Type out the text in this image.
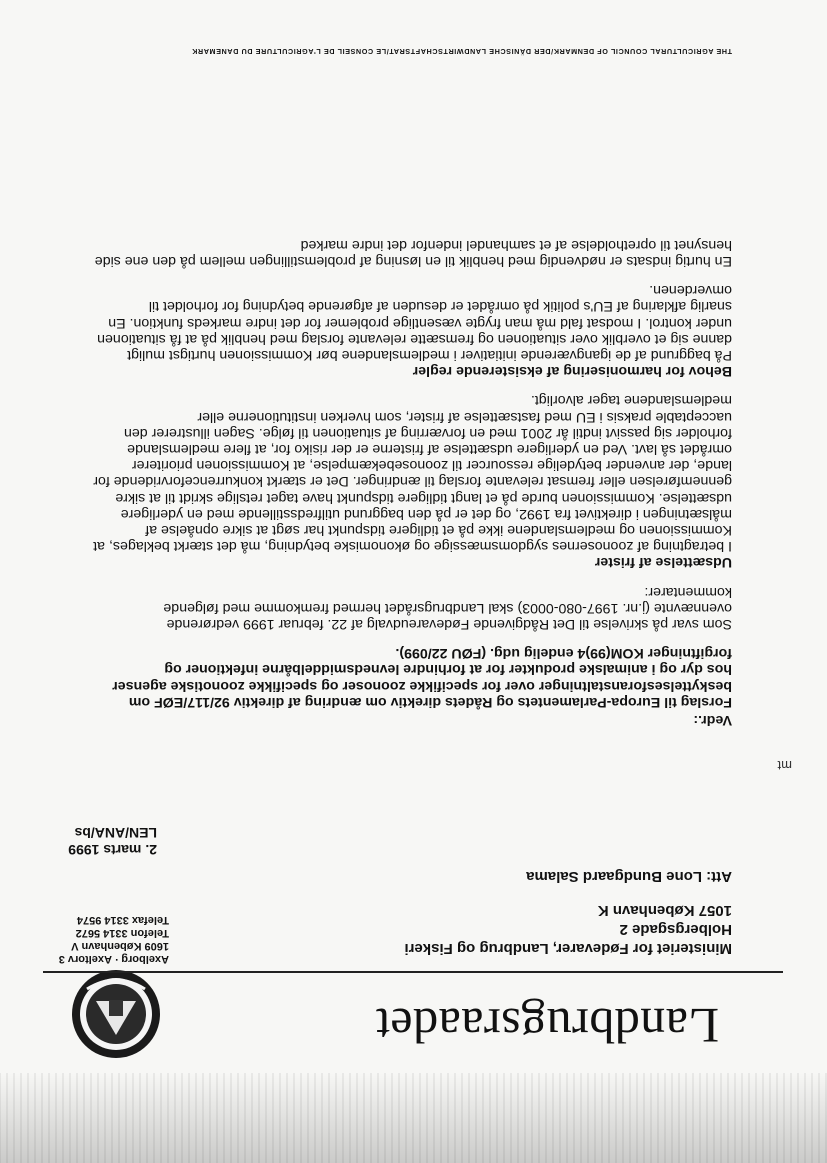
Landbrugsraadet
Axelborg · Axeltorv 3
1609 København V
Telefon 3314 5672
Telefax 3314 9574
Ministeriet for Fødevarer, Landbrug og Fiskeri
Holbergsgade 2
1057 København K
Att: Lone Bundgaard Salama
2. marts 1999
LEN/ANA/bs
mt

Vedr.:

Forslag til Europa-Parlamentets og Rådets direktiv om ændring af direktiv 92/117/EØF om beskyttelsesforanstaltninger over for specifikke zoonoser og specifikke zoonotiske agenser hos dyr og i animalske produkter for at forhindre levnedsmiddelbårne infektioner og forgiftninger KOM(99)4 endelig udg. (FØU 22/099).

Som svar på skrivelse til Det Rådgivende Fødevareudvalg af 22. februar 1999 vedrørende ovennævnte (j.nr. 1997-080-0003) skal Landbrugsrådet hermed fremkomme med følgende kommentarer:

Udsættelse af frister

I betragtning af zoonosernes sygdomsmæssige og økonomiske betydning, må det stærkt beklages, at Kommissionen og medlemslandene ikke på et tidligere tidspunkt har søgt at sikre opnåelse af målsætningen i direktivet fra 1992, og det er på den baggrund utilfredsstillende med en yderligere udsættelse. Kommissionen burde på et langt tidligere tidspunkt have taget retslige skridt til at sikre gennemførelsen eller fremsat relevante forslag til ændringer. Det er stærkt konkurrenceforvridende for lande, der anvender betydelige ressourcer til zoonosebekæmpelse, at Kommissionen prioriterer området så lavt. Ved en yderligere udsættelse af fristerne er der risiko for, at flere medlemslande forholder sig passivt indtil år 2001 med en forværring af situationen til følge. Sagen illustrerer den uacceptable praksis i EU med fastsættelse af frister, som hverken institutionerne eller medlemslandene tager alvorligt.

Behov for harmonisering af eksisterende regler

På baggrund af de igangværende initiativer i medlemslandene bør Kommissionen hurtigst muligt danne sig et overblik over situationen og fremsætte relevante forslag med henblik på at få situationen under kontrol. I modsat fald må man frygte væsentlige problemer for det indre markeds funktion. En snarlig afklaring af EU's politik på området er desuden af afgørende betydning for forholdet til omverdenen.

En hurtig indsats er nødvendig med henblik til en løsning af problemstillingen mellem på den ene side hensynet til opretholdelse af et samhandel indenfor det indre marked

THE AGRICULTURAL COUNCIL OF DENMARK/DER DÄNISCHE LANDWIRTSCHAFTSRAT/LE CONSEIL DE L'AGRICULTURE DU DANEMARK
